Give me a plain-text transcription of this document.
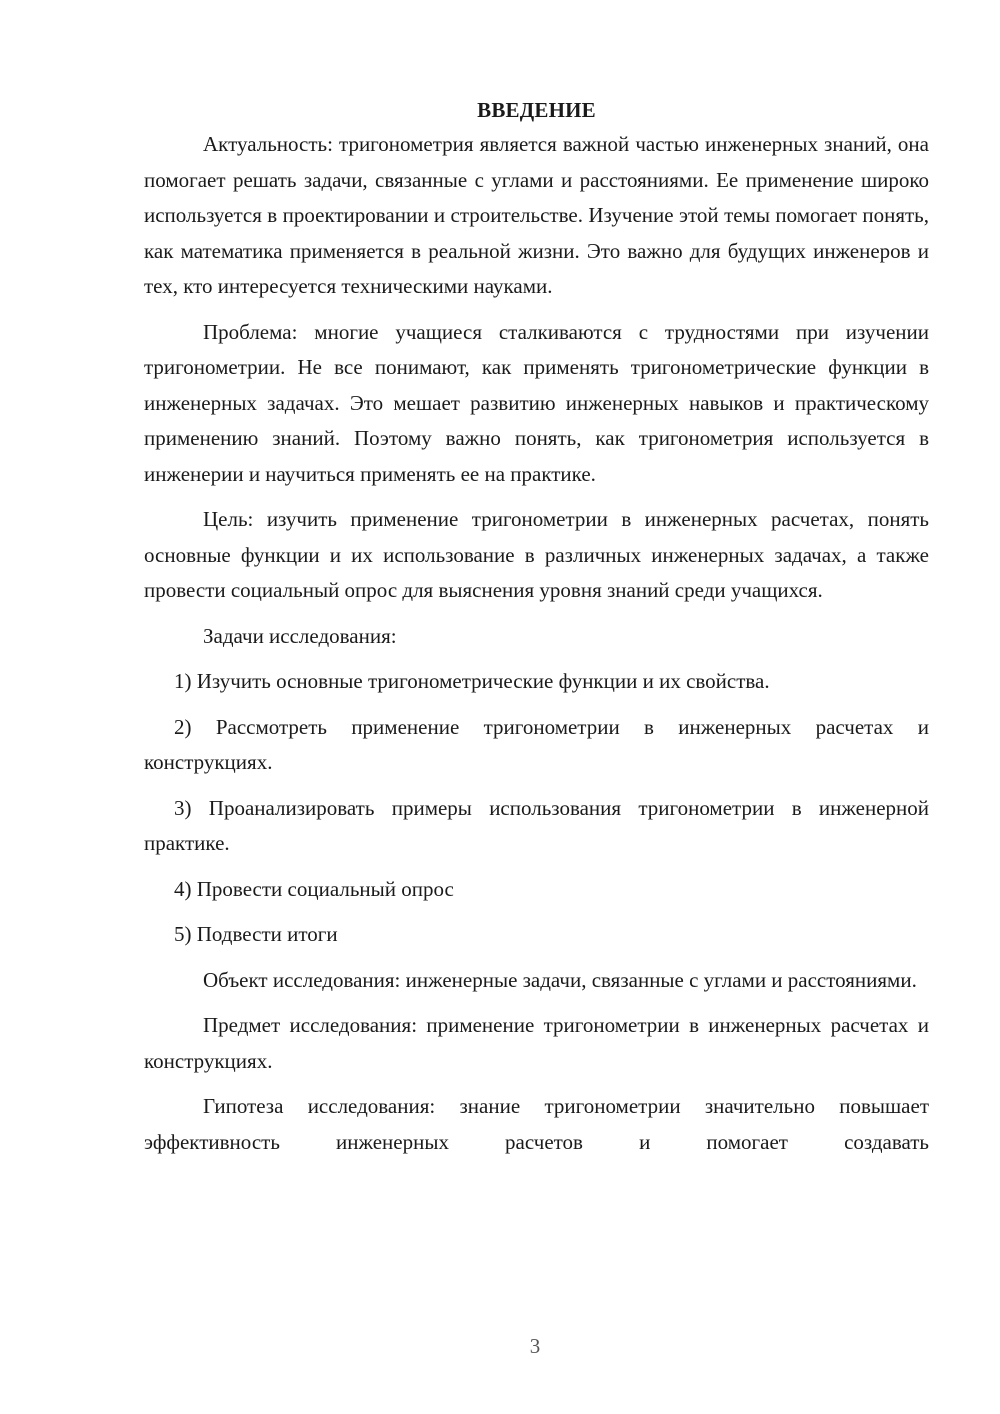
ВВЕДЕНИЕ

Актуальность: тригонометрия является важной частью инженерных знаний, она помогает решать задачи, связанные с углами и расстояниями. Ее применение широко используется в проектировании и строительстве. Изучение этой темы помогает понять, как математика применяется в реальной жизни. Это важно для будущих инженеров и тех, кто интересуется техническими науками.

Проблема: многие учащиеся сталкиваются с трудностями при изучении тригонометрии. Не все понимают, как применять тригонометрические функции в инженерных задачах. Это мешает развитию инженерных навыков и практическому применению знаний. Поэтому важно понять, как тригонометрия используется в инженерии и научиться применять ее на практике.

Цель: изучить применение тригонометрии в инженерных расчетах, понять основные функции и их использование в различных инженерных задачах, а также провести социальный опрос для выяснения уровня знаний среди учащихся.

Задачи исследования:

1) Изучить основные тригонометрические функции и их свойства.

2) Рассмотреть применение тригонометрии в инженерных расчетах и конструкциях.

3) Проанализировать примеры использования тригонометрии в инженерной практике.

4) Провести социальный опрос

5) Подвести итоги

Объект исследования: инженерные задачи, связанные с углами и расстояниями.

Предмет исследования: применение тригонометрии в инженерных расчетах и конструкциях.

Гипотеза исследования: знание тригонометрии значительно повышает эффективность инженерных расчетов и помогает создавать

3
